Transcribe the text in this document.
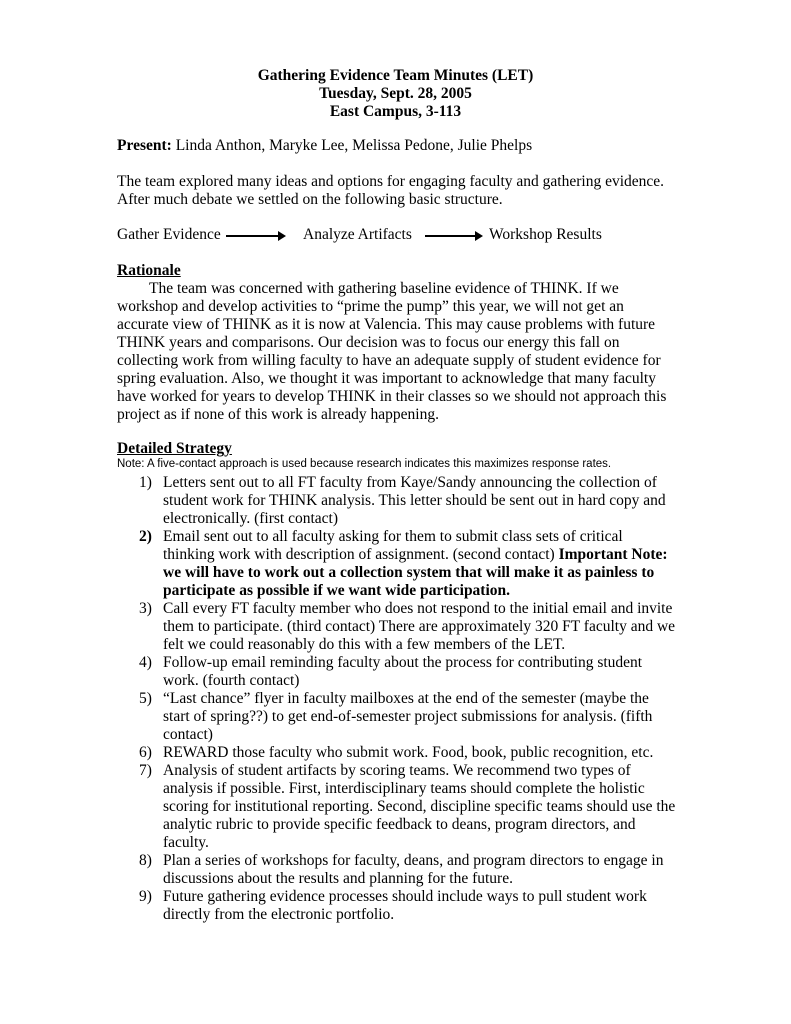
Gathering Evidence Team Minutes (LET)
Tuesday, Sept. 28, 2005
East Campus, 3-113
Present: Linda Anthon, Maryke Lee, Melissa Pedone, Julie Phelps
The team explored many ideas and options for engaging faculty and gathering evidence. After much debate we settled on the following basic structure.
Gather Evidence	Analyze Artifacts	Workshop Results
Rationale
The team was concerned with gathering baseline evidence of THINK. If we workshop and develop activities to “prime the pump” this year, we will not get an accurate view of THINK as it is now at Valencia. This may cause problems with future THINK years and comparisons. Our decision was to focus our energy this fall on collecting work from willing faculty to have an adequate supply of student evidence for spring evaluation. Also, we thought it was important to acknowledge that many faculty have worked for years to develop THINK in their classes so we should not approach this project as if none of this work is already happening.
Detailed Strategy
Note: A five-contact approach is used because research indicates this maximizes response rates.
1) Letters sent out to all FT faculty from Kaye/Sandy announcing the collection of student work for THINK analysis. This letter should be sent out in hard copy and electronically. (first contact)
2) Email sent out to all faculty asking for them to submit class sets of critical thinking work with description of assignment. (second contact) Important Note: we will have to work out a collection system that will make it as painless to participate as possible if we want wide participation.
3) Call every FT faculty member who does not respond to the initial email and invite them to participate. (third contact) There are approximately 320 FT faculty and we felt we could reasonably do this with a few members of the LET.
4) Follow-up email reminding faculty about the process for contributing student work. (fourth contact)
5) “Last chance” flyer in faculty mailboxes at the end of the semester (maybe the start of spring??) to get end-of-semester project submissions for analysis. (fifth contact)
6) REWARD those faculty who submit work. Food, book, public recognition, etc.
7) Analysis of student artifacts by scoring teams. We recommend two types of analysis if possible. First, interdisciplinary teams should complete the holistic scoring for institutional reporting. Second, discipline specific teams should use the analytic rubric to provide specific feedback to deans, program directors, and faculty.
8) Plan a series of workshops for faculty, deans, and program directors to engage in discussions about the results and planning for the future.
9) Future gathering evidence processes should include ways to pull student work directly from the electronic portfolio.
